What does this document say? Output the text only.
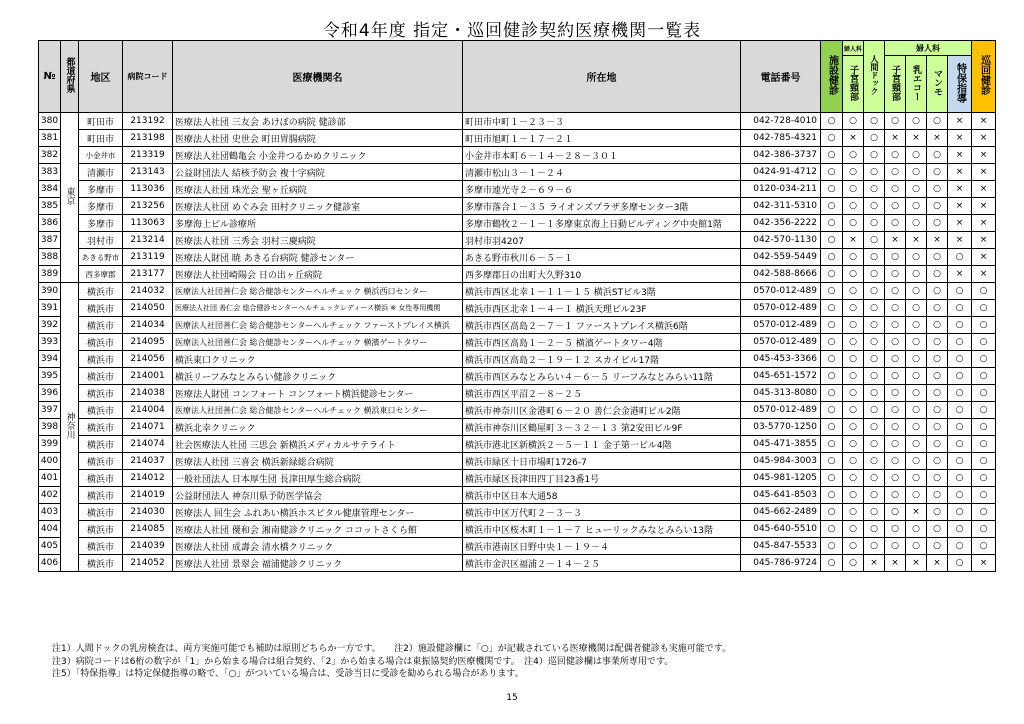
令和4年度 指定・巡回健診契約医療機関一覧表
№	都道府県	地区	病院コード	医療機関名	所在地	電話番号	施設健診	婦人科	人間ドック	婦人科				巡回健診
								子宮頸部		子宮頸部	乳エコー	マンモ	特保指導	
380	東京	町田市	213192	医療法人社団 三友会 あけぼの病院 健診部	町田市中町１－２３－３	042-728-4010	○	○	○	○	○	○	×	×
381		町田市	213198	医療法人社団 史世会 町田胃腸病院	町田市旭町１－１７－２１	042-785-4321	○	×	○	×	×	×	×	×
382		小金井市	213319	医療法人社団鶴亀会 小金井つるかめクリニック	小金井市本町６－１４－２８－３０１	042-386-3737	○	○	○	○	○	○	×	×
383		清瀬市	213143	公益財団法人 結核予防会 複十字病院	清瀬市松山３－１－２４	0424-91-4712	○	○	○	○	○	○	×	×
384		多摩市	113036	医療法人社団 珠光会 聖ヶ丘病院	多摩市連光寺２－６９－６	0120-034-211	○	○	○	○	○	○	×	×
385		多摩市	213256	医療法人社団 めぐみ会 田村クリニック健診室	多摩市落合１－３５ ライオンズプラザ多摩センター3階	042-311-5310	○	○	○	○	○	○	×	×
386		多摩市	113063	多摩海上ビル診療所	多摩市鶴牧２－１－１多摩東京海上日動ビルディング中央館1階	042-356-2222	○	○	○	○	○	○	×	×
387		羽村市	213214	医療法人社団 三秀会 羽村三慶病院	羽村市羽4207	042-570-1130	○	×	○	×	×	×	×	×
388		あきる野市	213119	医療法人財団 暁 あきる台病院 健診センター	あきる野市秋川６－５－１	042-559-5449	○	○	○	○	○	○	○	×
389		西多摩郡	213177	医療法人社団崎陽会 日の出ヶ丘病院	西多摩郡日の出町大久野310	042-588-8666	○	○	○	○	○	○	×	×
390	神奈川	横浜市	214032	医療法人社団善仁会 総合健診センターヘルチェック 横浜西口センター	横浜市西区北幸１－１１－１５ 横浜STビル3階	0570-012-489	○	○	○	○	○	○	○	○
391		横浜市	214050	医療法人社団 善仁会 総合健診センターヘルチェックレディース横浜 ※ 女性専用機関	横浜市西区北幸１－４－１ 横浜天理ビル23F	0570-012-489	○	○	○	○	○	○	○	○
392		横浜市	214034	医療法人社団善仁会 総合健診センターヘルチェック ファーストプレイス横浜	横浜市西区高島２－７－１ ファーストプレイス横浜6階	0570-012-489	○	○	○	○	○	○	○	○
393		横浜市	214095	医療法人社団善仁会 総合健診センターヘルチェック 横濱ゲートタワー	横浜市西区高島１－２－５ 横濱ゲートタワー4階	0570-012-489	○	○	○	○	○	○	○	○
394		横浜市	214056	横浜東口クリニック	横浜市西区高島２－１９－１２ スカイビル17階	045-453-3366	○	○	○	○	○	○	○	○
395		横浜市	214001	横浜リーフみなとみらい健診クリニック	横浜市西区みなとみらい４－６－５ リーフみなとみらい11階	045-651-1572	○	○	○	○	○	○	○	○
396		横浜市	214038	医療法人財団 コンフォート コンフォート横浜健診センター	横浜市西区平沼２－８－２５	045-313-8080	○	○	○	○	○	○	○	○
397		横浜市	214004	医療法人社団善仁会 総合健診センターヘルチェック 横浜東口センター	横浜市神奈川区金港町６－２０ 善仁会金港町ビル2階	0570-012-489	○	○	○	○	○	○	○	○
398		横浜市	214071	横浜北幸クリニック	横浜市神奈川区鶴屋町３－３２－１３ 第2安田ビル9F	03-5770-1250	○	○	○	○	○	○	○	○
399		横浜市	214074	社会医療法人社団 三思会 新横浜メディカルサテライト	横浜市港北区新横浜２－５－１１ 金子第一ビル4階	045-471-3855	○	○	○	○	○	○	○	○
400		横浜市	214037	医療法人社団 三喜会 横浜新緑総合病院	横浜市緑区十日市場町1726-7	045-984-3003	○	○	○	○	○	○	○	○
401		横浜市	214012	一般社団法人 日本厚生団 長津田厚生総合病院	横浜市緑区長津田四丁目23番1号	045-981-1205	○	○	○	○	○	○	○	○
402		横浜市	214019	公益財団法人 神奈川県予防医学協会	横浜市中区日本大通58	045-641-8503	○	○	○	○	○	○	○	○
403		横浜市	214030	医療法人 回生会 ふれあい横浜ホスピタル健康管理センター	横浜市中区万代町２－３－３	045-662-2489	○	○	○	○	×	○	○	○
404		横浜市	214085	医療法人社団 優和会 湘南健診クリニック ココットさくら館	横浜市中区桜木町１－１－７ ヒューリックみなとみらい13階	045-640-5510	○	○	○	○	○	○	○	○
405		横浜市	214039	医療法人社団 成壽会 清水橋クリニック	横浜市港南区日野中央１－１９－４	045-847-5533	○	○	○	○	○	○	○	○
406		横浜市	214052	医療法人社団 景翠会 福浦健診クリニック	横浜市金沢区福浦２－１４－２５	045-786-9724	○	○	×	×	×	×	○	×
注1）人間ドックの乳房検査は、両方実施可能でも補助は原則どちらか一方です。　　注2）施設健診欄に「○」が記載されている医療機関は配偶者健診も実施可能です。
注3）病院コードは6桁の数字が「1」から始まる場合は組合契約、「2」から始まる場合は東振協契約医療機関です。　注4）巡回健診欄は事業所専用です。
注5）「特保指導」は特定保健指導の略で、「○」がついている場合は、受診当日に受診を勧められる場合があります。
15
